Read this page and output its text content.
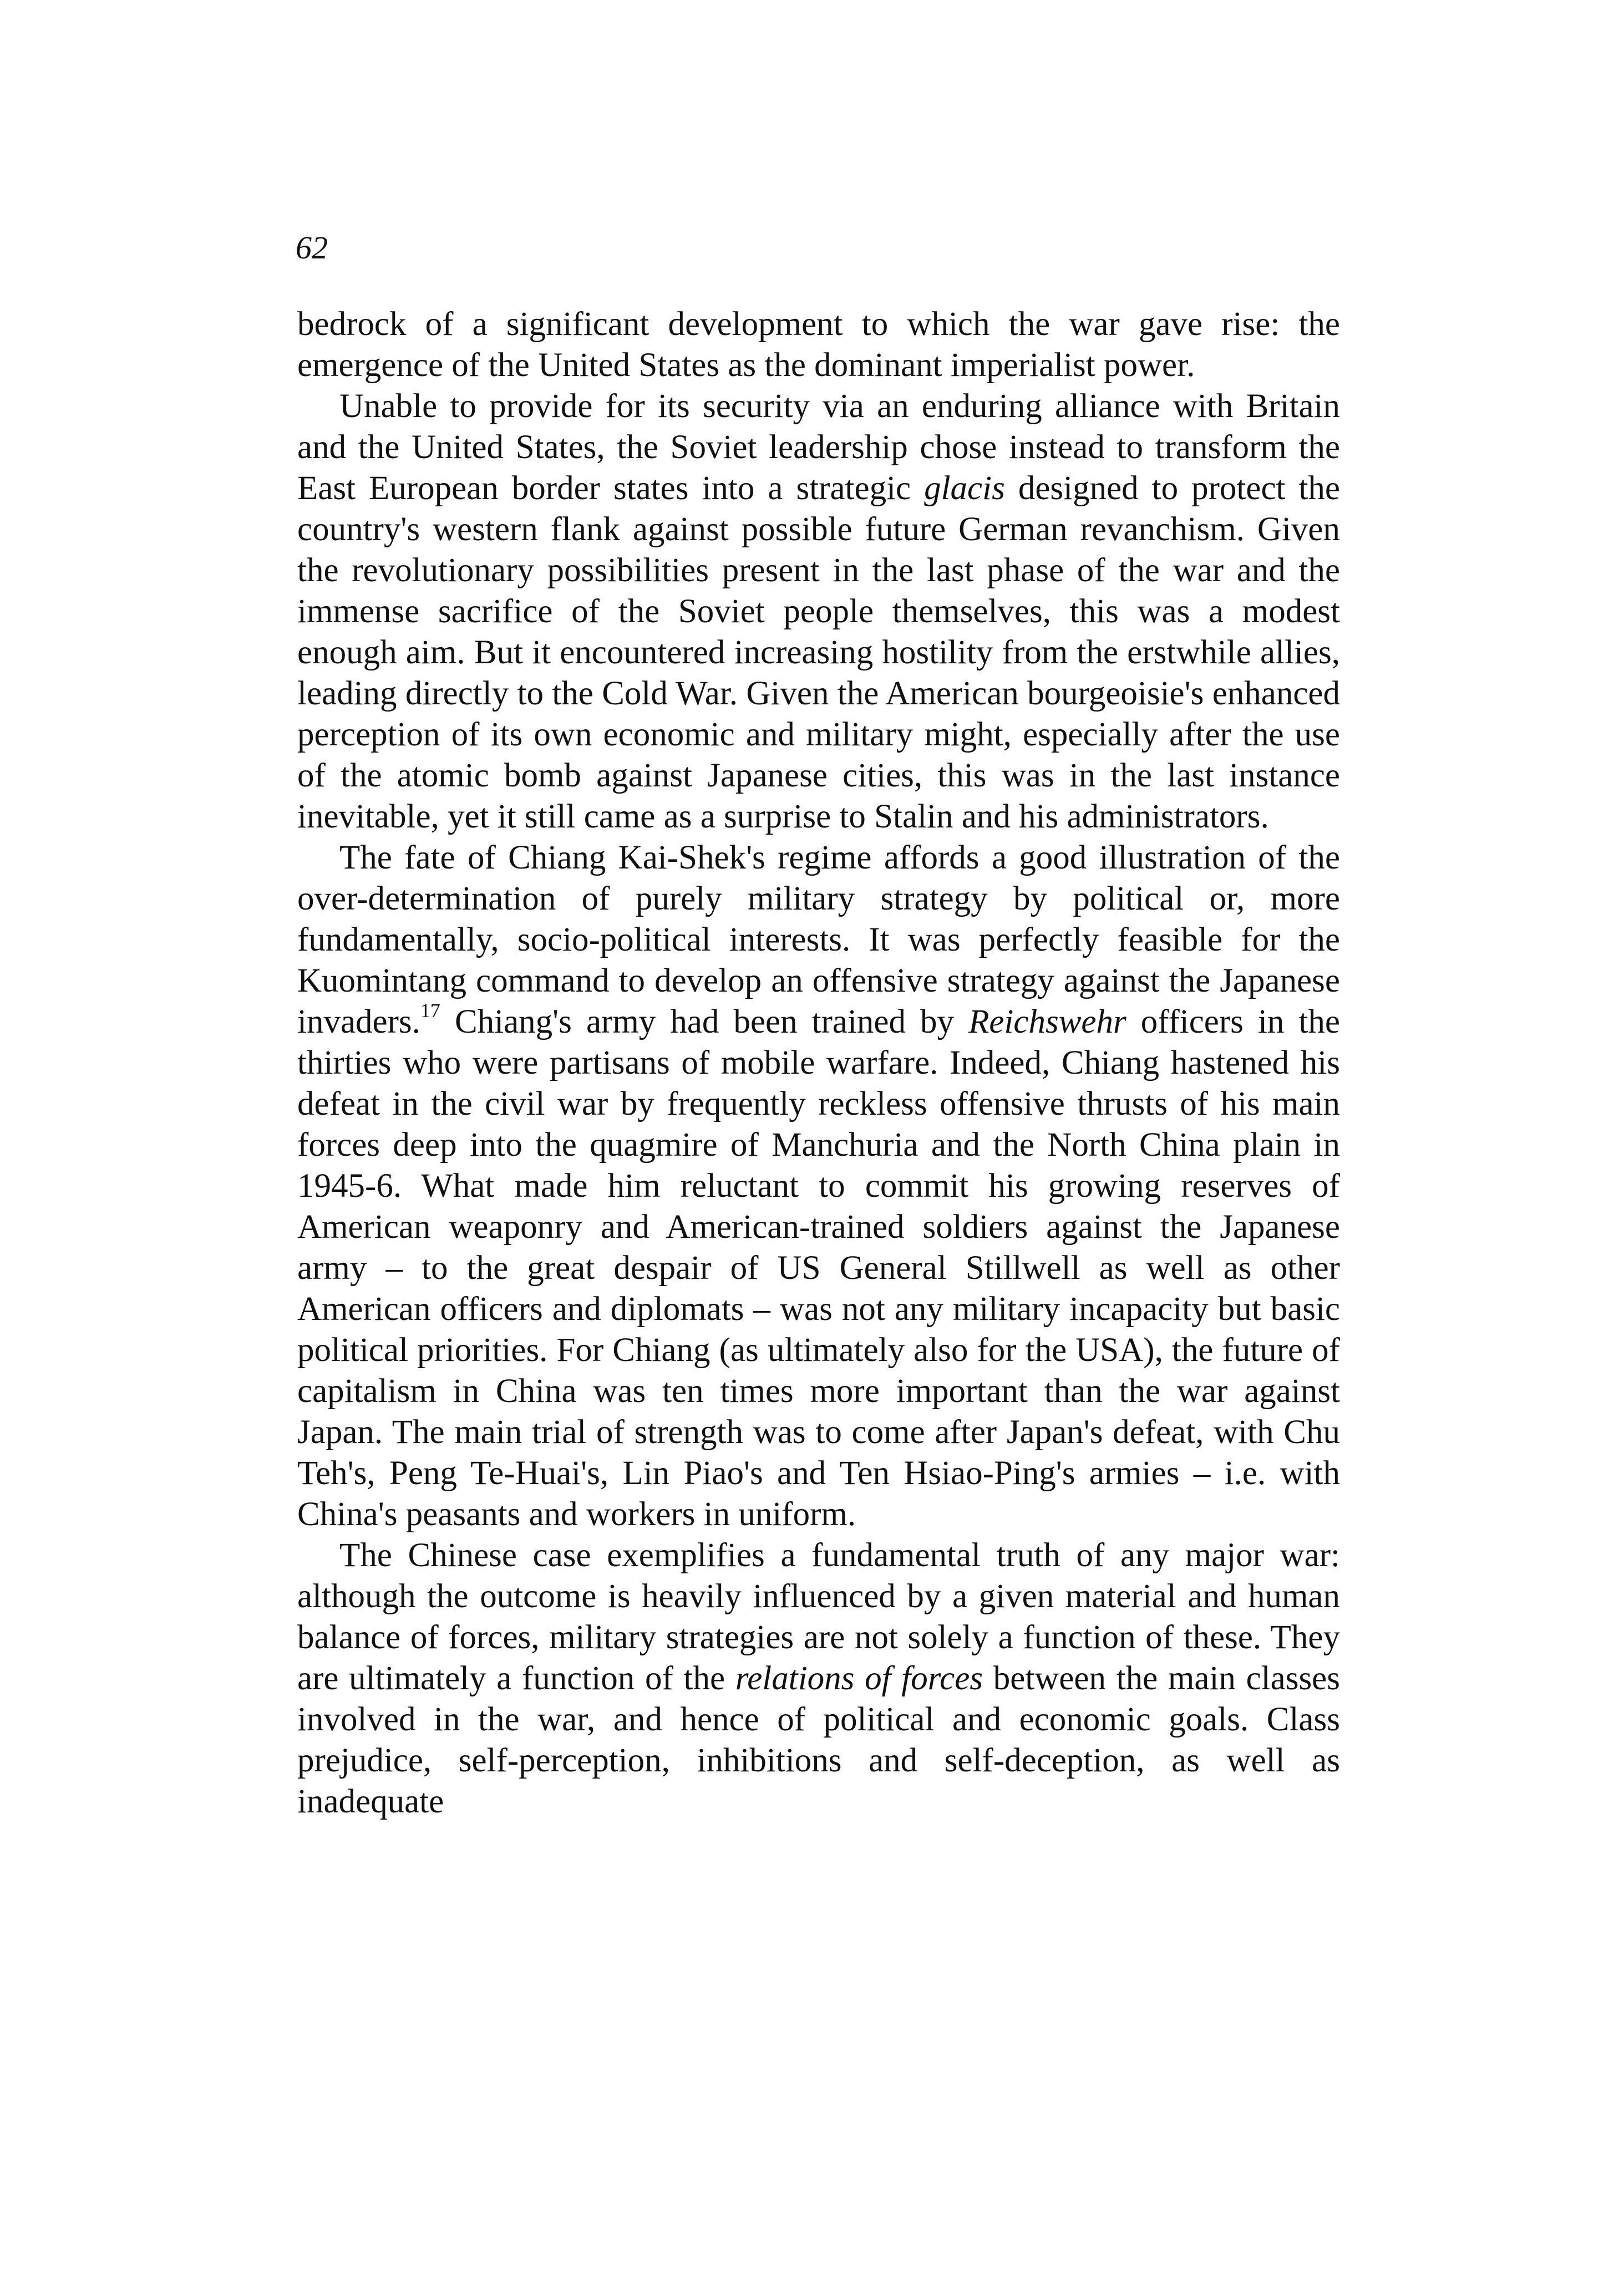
62

bedrock of a significant development to which the war gave rise: the emergence of the United States as the dominant imperialist power.

Unable to provide for its security via an enduring alliance with Britain and the United States, the Soviet leadership chose instead to transform the East European border states into a strategic glacis designed to protect the country's western flank against possible future German revanchism. Given the revolutionary possibilities present in the last phase of the war and the immense sacrifice of the Soviet people themselves, this was a modest enough aim. But it encountered increasing hostility from the erstwhile allies, leading directly to the Cold War. Given the American bourgeoisie's enhanced perception of its own economic and military might, especially after the use of the atomic bomb against Japanese cities, this was in the last instance inevitable, yet it still came as a surprise to Stalin and his administrators.

The fate of Chiang Kai-Shek's regime affords a good illustration of the over-determination of purely military strategy by political or, more fundamentally, socio-political interests. It was perfectly feasible for the Kuomintang command to develop an offensive strategy against the Japanese invaders.$^{17}$ Chiang's army had been trained by Reichswehr officers in the thirties who were partisans of mobile warfare. Indeed, Chiang hastened his defeat in the civil war by frequently reckless offensive thrusts of his main forces deep into the quagmire of Manchuria and the North China plain in 1945-6. What made him reluctant to commit his growing reserves of American weaponry and American-trained soldiers against the Japanese army – to the great despair of US General Stillwell as well as other American officers and diplomats – was not any military incapacity but basic political priorities. For Chiang (as ultimately also for the USA), the future of capitalism in China was ten times more important than the war against Japan. The main trial of strength was to come after Japan's defeat, with Chu Teh's, Peng Te-Huai's, Lin Piao's and Ten Hsiao-Ping's armies – i.e. with China's peasants and workers in uniform.

The Chinese case exemplifies a fundamental truth of any major war: although the outcome is heavily influenced by a given material and human balance of forces, military strategies are not solely a function of these. They are ultimately a function of the relations of forces between the main classes involved in the war, and hence of political and economic goals. Class prejudice, self-perception, inhibitions and self-deception, as well as inadequate
